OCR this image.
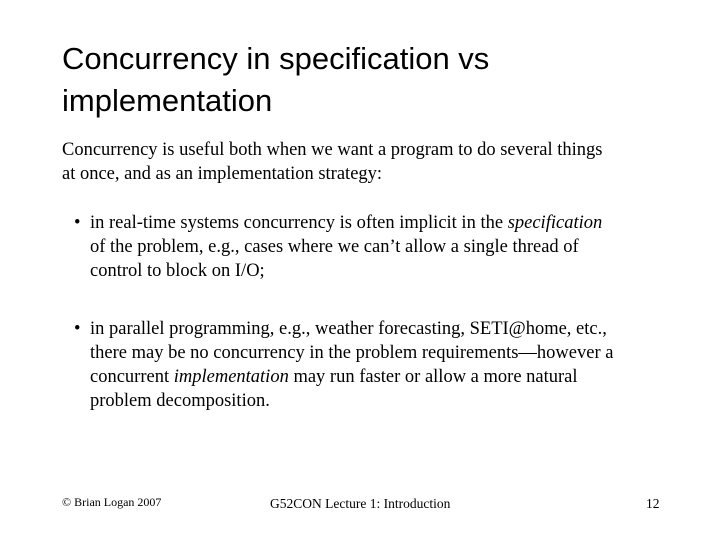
Concurrency in specification vs
implementation

Concurrency is useful both when we want a program to do several things
at once, and as an implementation strategy:

• in real-time systems concurrency is often implicit in the specification
of the problem, e.g., cases where we can’t allow a single thread of
control to block on I/O;
• in parallel programming, e.g., weather forecasting, SETI@home, etc.,
there may be no concurrency in the problem requirements—however a
concurrent implementation may run faster or allow a more natural
problem decomposition.
© Brian Logan 2007	G52CON Lecture 1: Introduction	12
